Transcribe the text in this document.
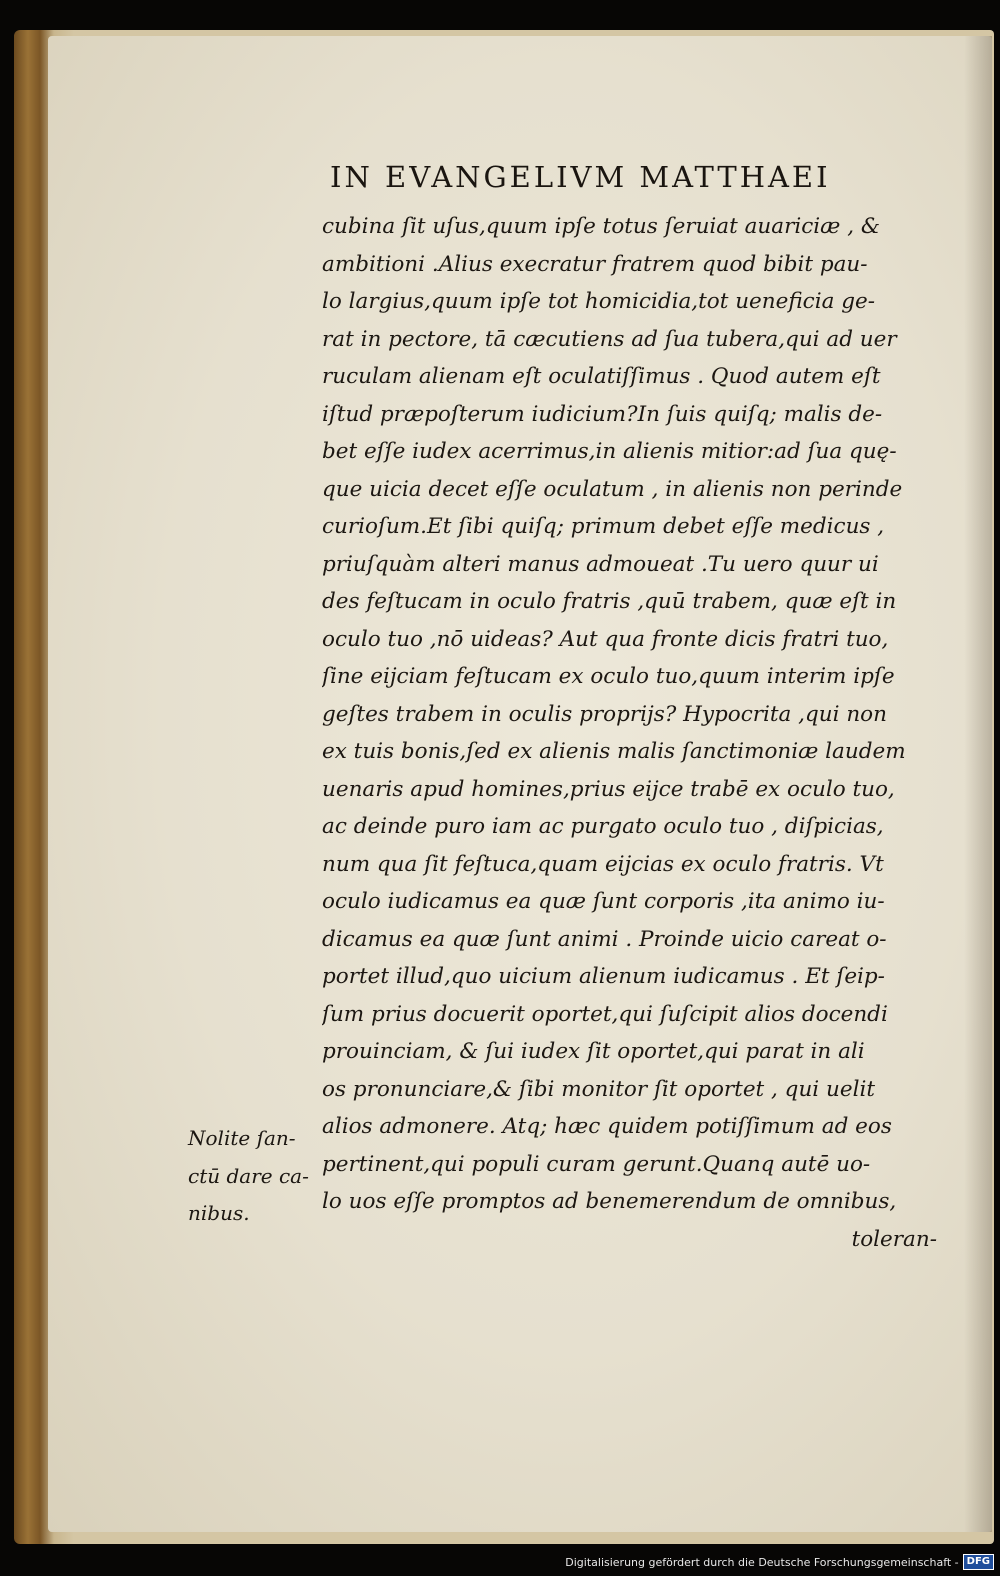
IN EVANGELIVM MATTHAEI
cubina ſit uſus,quum ipſe totus ſeruiat auariciæ , &
ambitioni .Alius execratur fratrem quod bibit pau-
lo largius,quum ipſe tot homicidia,tot ueneficia ge-
rat in pectore, tā cæcutiens ad ſua tubera,qui ad uer
ruculam alienam eſt oculatiſſimus . Quod autem eſt
iſtud præpoſterum iudicium?In ſuis quiſq; malis de-
bet eſſe iudex acerrimus,in alienis mitior:ad ſua quę-
que uicia decet eſſe oculatum , in alienis non perinde
curioſum.Et ſibi quiſq; primum debet eſſe medicus ,
priuſquàm alteri manus admoueat .Tu uero quur ui
des feſtucam in oculo fratris ,quū trabem, quæ eſt in
oculo tuo ,nō uideas? Aut qua fronte dicis fratri tuo,
ſine eijciam feſtucam ex oculo tuo,quum interim ipſe
geſtes trabem in oculis proprijs? Hypocrita ,qui non
ex tuis bonis,ſed ex alienis malis ſanctimoniæ laudem
uenaris apud homines,prius eijce trabē ex oculo tuo,
ac deinde puro iam ac purgato oculo tuo , diſpicias,
num qua ſit feſtuca,quam eijcias ex oculo fratris. Vt
oculo iudicamus ea quæ ſunt corporis ,ita animo iu-
dicamus ea quæ ſunt animi . Proinde uicio careat o-
portet illud,quo uicium alienum iudicamus . Et ſeip-
ſum prius docuerit oportet,qui ſuſcipit alios docendi
prouinciam, & ſui iudex ſit oportet,qui parat in ali
os pronunciare,& ſibi monitor ſit oportet , qui uelit
alios admonere. Atq; hæc quidem potiſſimum ad eos
pertinent,qui populi curam gerunt.Quanq autē uo-
lo uos eſſe promptos ad benemerendum de omnibus,
toleran-
Nolite ſan-
ctū dare ca-
nibus.
Digitalisierung gefördert durch die Deutsche Forschungsgemeinschaft - DFG
